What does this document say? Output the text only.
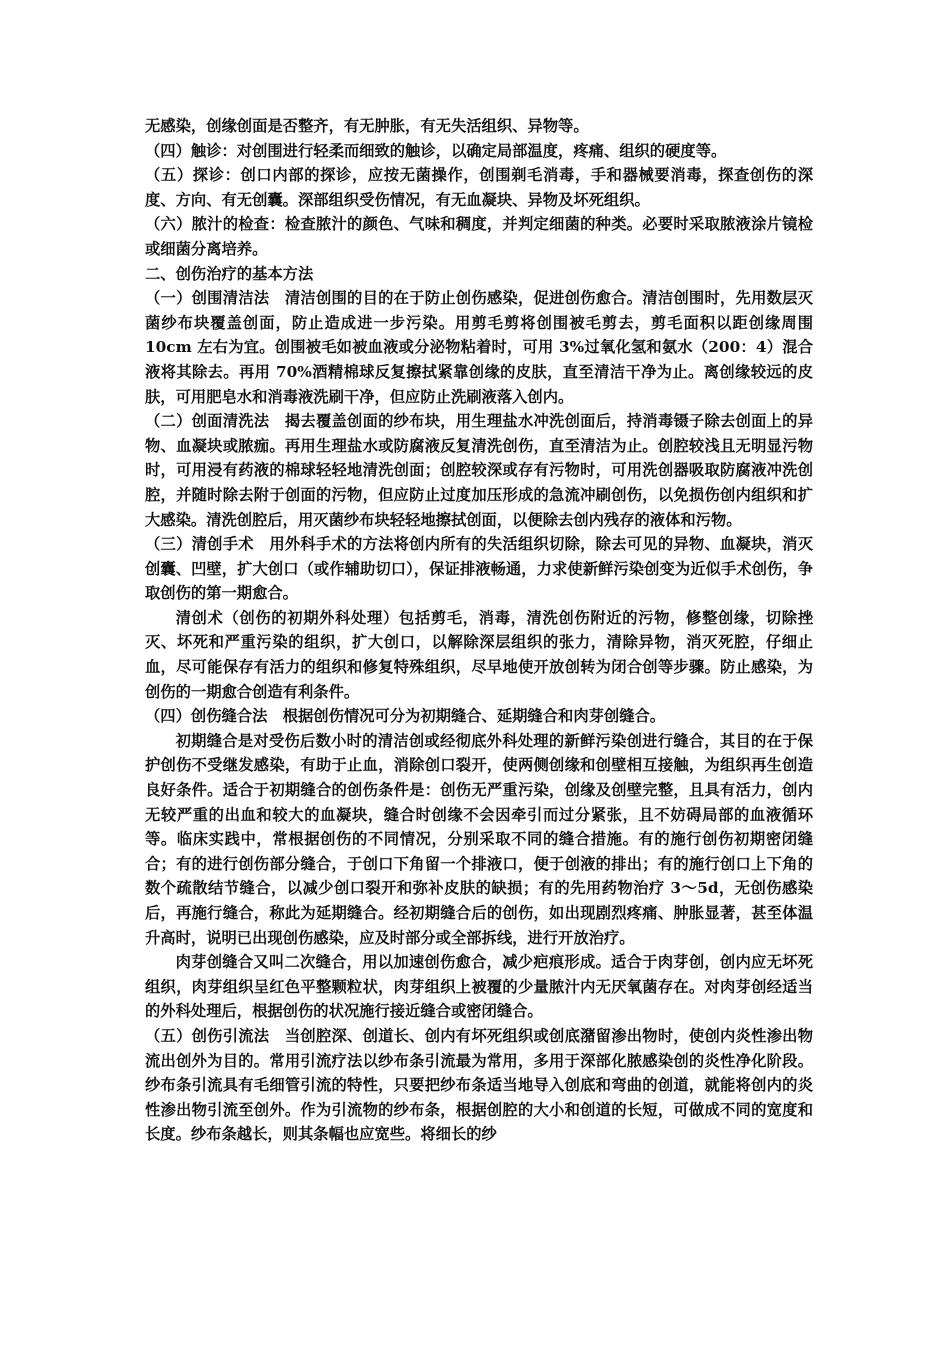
无感染，创缘创面是否整齐，有无肿胀，有无失活组织、异物等。

（四）触诊：对创围进行轻柔而细致的触诊，以确定局部温度，疼痛、组织的硬度等。

（五）探诊：创口内部的探诊，应按无菌操作，创围剃毛消毒，手和器械要消毒，探查创伤的深度、方向、有无创囊。深部组织受伤情况，有无血凝块、异物及坏死组织。

（六）脓汁的检查：检查脓汁的颜色、气味和稠度，并判定细菌的种类。必要时采取脓液涂片镜检或细菌分离培养。

二、创伤治疗的基本方法

（一）创围清洁法　清洁创围的目的在于防止创伤感染，促进创伤愈合。清洁创围时，先用数层灭菌纱布块覆盖创面，防止造成进一步污染。用剪毛剪将创围被毛剪去，剪毛面积以距创缘周围 10cm 左右为宜。创围被毛如被血液或分泌物粘着时，可用 3%过氧化氢和氨水（200：4）混合液将其除去。再用 70%酒精棉球反复擦拭紧靠创缘的皮肤，直至清洁干净为止。离创缘较远的皮肤，可用肥皂水和消毒液洗刷干净，但应防止洗刷液落入创内。

（二）创面清洗法　揭去覆盖创面的纱布块，用生理盐水冲洗创面后，持消毒镊子除去创面上的异物、血凝块或脓痂。再用生理盐水或防腐液反复清洗创伤，直至清洁为止。创腔较浅且无明显污物时，可用浸有药液的棉球轻轻地清洗创面；创腔较深或存有污物时，可用洗创器吸取防腐液冲洗创腔，并随时除去附于创面的污物，但应防止过度加压形成的急流冲刷创伤，以免损伤创内组织和扩大感染。清洗创腔后，用灭菌纱布块轻轻地擦拭创面，以便除去创内残存的液体和污物。

（三）清创手术　用外科手术的方法将创内所有的失活组织切除，除去可见的异物、血凝块，消灭创囊、凹壁，扩大创口（或作辅助切口），保证排液畅通，力求使新鲜污染创变为近似手术创伤，争取创伤的第一期愈合。

清创术（创伤的初期外科处理）包括剪毛，消毒，清洗创伤附近的污物，修整创缘，切除挫灭、坏死和严重污染的组织，扩大创口，以解除深层组织的张力，清除异物，消灭死腔，仔细止血，尽可能保存有活力的组织和修复特殊组织，尽早地使开放创转为闭合创等步骤。防止感染，为创伤的一期愈合创造有利条件。

（四）创伤缝合法　根据创伤情况可分为初期缝合、延期缝合和肉芽创缝合。

初期缝合是对受伤后数小时的清洁创或经彻底外科处理的新鲜污染创进行缝合，其目的在于保护创伤不受继发感染，有助于止血，消除创口裂开，使两侧创缘和创壁相互接触，为组织再生创造良好条件。适合于初期缝合的创伤条件是：创伤无严重污染，创缘及创壁完整，且具有活力，创内无较严重的出血和较大的血凝块，缝合时创缘不会因牵引而过分紧张，且不妨碍局部的血液循环等。临床实践中，常根据创伤的不同情况，分别采取不同的缝合措施。有的施行创伤初期密闭缝合；有的进行创伤部分缝合，于创口下角留一个排液口，便于创液的排出；有的施行创口上下角的数个疏散结节缝合，以减少创口裂开和弥补皮肤的缺损；有的先用药物治疗 3～5d，无创伤感染后，再施行缝合，称此为延期缝合。经初期缝合后的创伤，如出现剧烈疼痛、肿胀显著，甚至体温升高时，说明已出现创伤感染，应及时部分或全部拆线，进行开放治疗。

肉芽创缝合又叫二次缝合，用以加速创伤愈合，减少疤痕形成。适合于肉芽创，创内应无坏死组织，肉芽组织呈红色平整颗粒状，肉芽组织上被覆的少量脓汁内无厌氧菌存在。对肉芽创经适当的外科处理后，根据创伤的状况施行接近缝合或密闭缝合。

（五）创伤引流法　当创腔深、创道长、创内有坏死组织或创底潴留渗出物时，使创内炎性渗出物流出创外为目的。常用引流疗法以纱布条引流最为常用，多用于深部化脓感染创的炎性净化阶段。纱布条引流具有毛细管引流的特性，只要把纱布条适当地导入创底和弯曲的创道，就能将创内的炎性渗出物引流至创外。作为引流物的纱布条，根据创腔的大小和创道的长短，可做成不同的宽度和长度。纱布条越长，则其条幅也应宽些。将细长的纱
